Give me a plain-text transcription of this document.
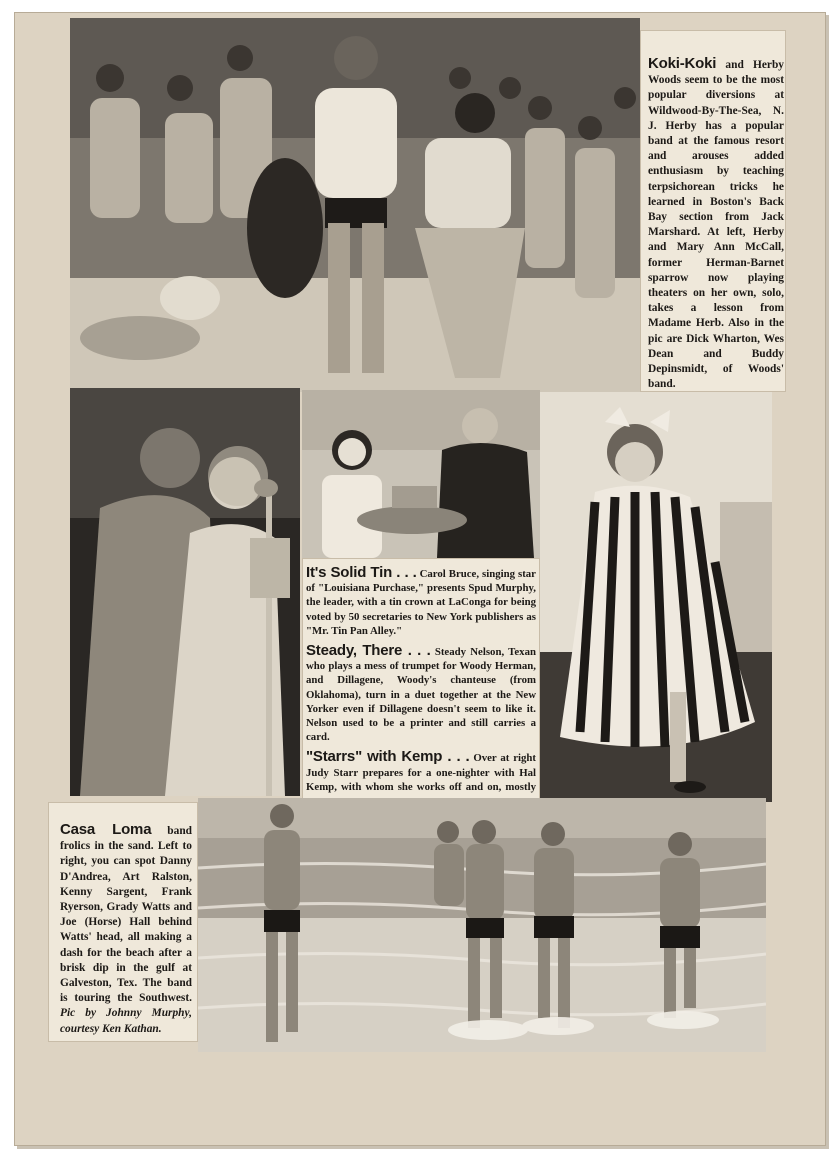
Koki-Koki and Herby Woods seem to be the most popular diversions at Wildwood-By-The-Sea, N. J. Herby has a popular band at the famous resort and arouses added enthusiasm by teaching terpsichorean tricks he learned in Boston's Back Bay section from Jack Marshard. At left, Herby and Mary Ann McCall, former Herman-Barnet sparrow now playing theaters on her own, solo, takes a lesson from Madame Herb. Also in the pic are Dick Wharton, Wes Dean and Buddy Depinsmidt, of Woods' band.

It's Solid Tin . . . Carol Bruce, singing star of "Louisiana Purchase," presents Spud Murphy, the leader, with a tin crown at LaConga for being voted by 50 secretaries to New York publishers as "Mr. Tin Pan Alley."

Steady, There . . . Steady Nelson, Texan who plays a mess of trumpet for Woody Herman, and Dillagene, Woody's chanteuse (from Oklahoma), turn in a duet together at the New Yorker even if Dillagene doesn't seem to like it. Nelson used to be a printer and still carries a card.

"Starrs" with Kemp . . . Over at right Judy Starr prepares for a one-nighter with Hal Kemp, with whom she works off and on, mostly

Casa Loma band frolics in the sand. Left to right, you can spot Danny D'Andrea, Art Ralston, Kenny Sargent, Frank Ryerson, Grady Watts and Joe (Horse) Hall behind Watts' head, all making a dash for the beach after a brisk dip in the gulf at Galveston, Tex. The band is touring the Southwest. Pic by Johnny Murphy, courtesy Ken Kathan.
